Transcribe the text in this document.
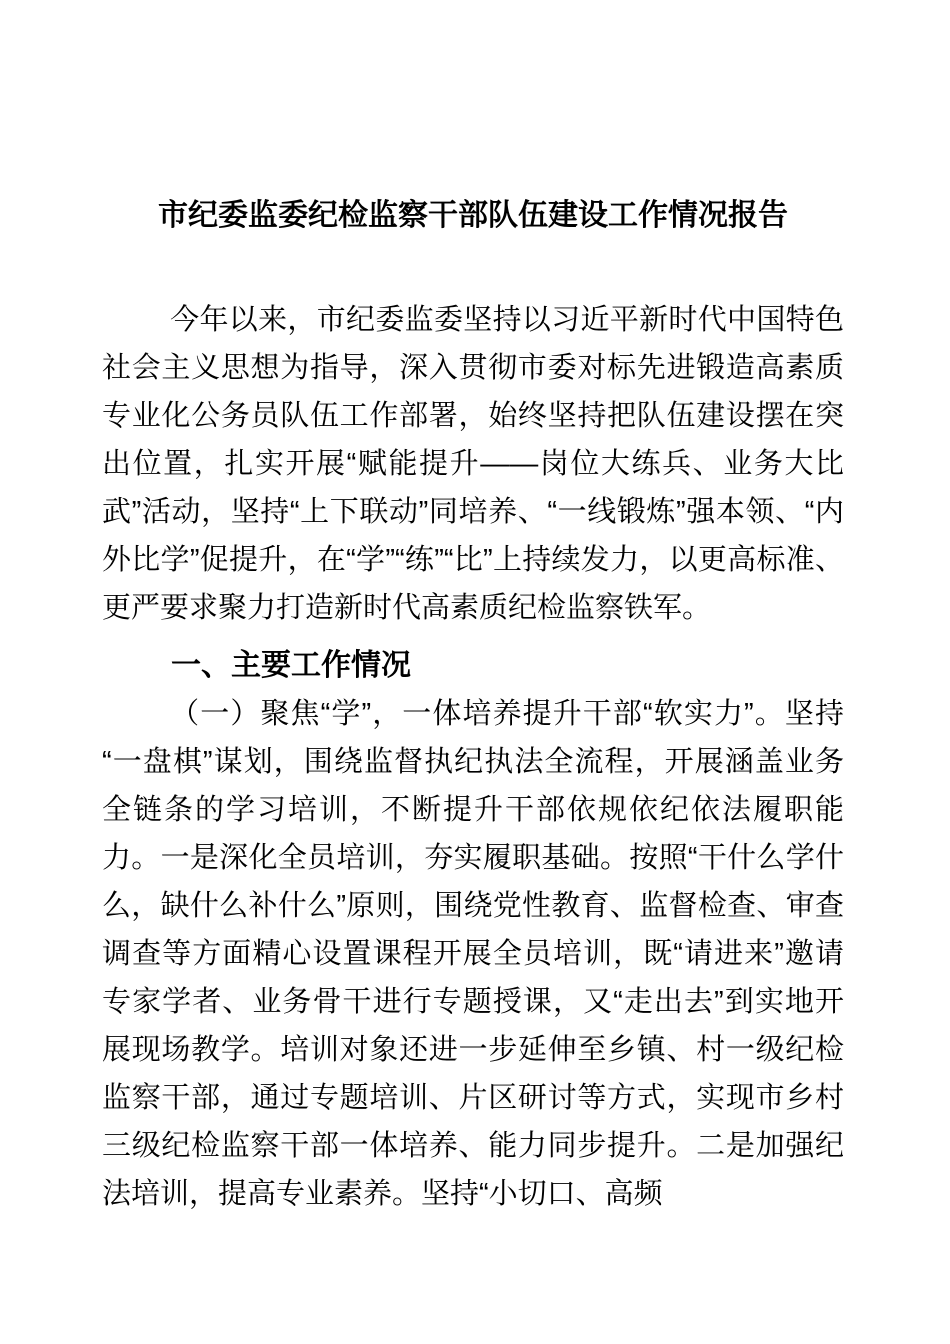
市纪委监委纪检监察干部队伍建设工作情况报告

今年以来，市纪委监委坚持以习近平新时代中国特色社会主义思想为指导，深入贯彻市委对标先进锻造高素质专业化公务员队伍工作部署，始终坚持把队伍建设摆在突出位置，扎实开展“赋能提升——岗位大练兵、业务大比武”活动，坚持“上下联动”同培养、“一线锻炼”强本领、“内外比学”促提升，在“学”“练”“比”上持续发力，以更高标准、更严要求聚力打造新时代高素质纪检监察铁军。

一、主要工作情况

（一）聚焦“学”，一体培养提升干部“软实力”。坚持“一盘棋”谋划，围绕监督执纪执法全流程，开展涵盖业务全链条的学习培训，不断提升干部依规依纪依法履职能力。一是深化全员培训，夯实履职基础。按照“干什么学什么，缺什么补什么”原则，围绕党性教育、监督检查、审查调查等方面精心设置课程开展全员培训，既“请进来”邀请专家学者、业务骨干进行专题授课，又“走出去”到实地开展现场教学。培训对象还进一步延伸至乡镇、村一级纪检监察干部，通过专题培训、片区研讨等方式，实现市乡村三级纪检监察干部一体培养、能力同步提升。二是加强纪法培训，提高专业素养。坚持“小切口、高频
